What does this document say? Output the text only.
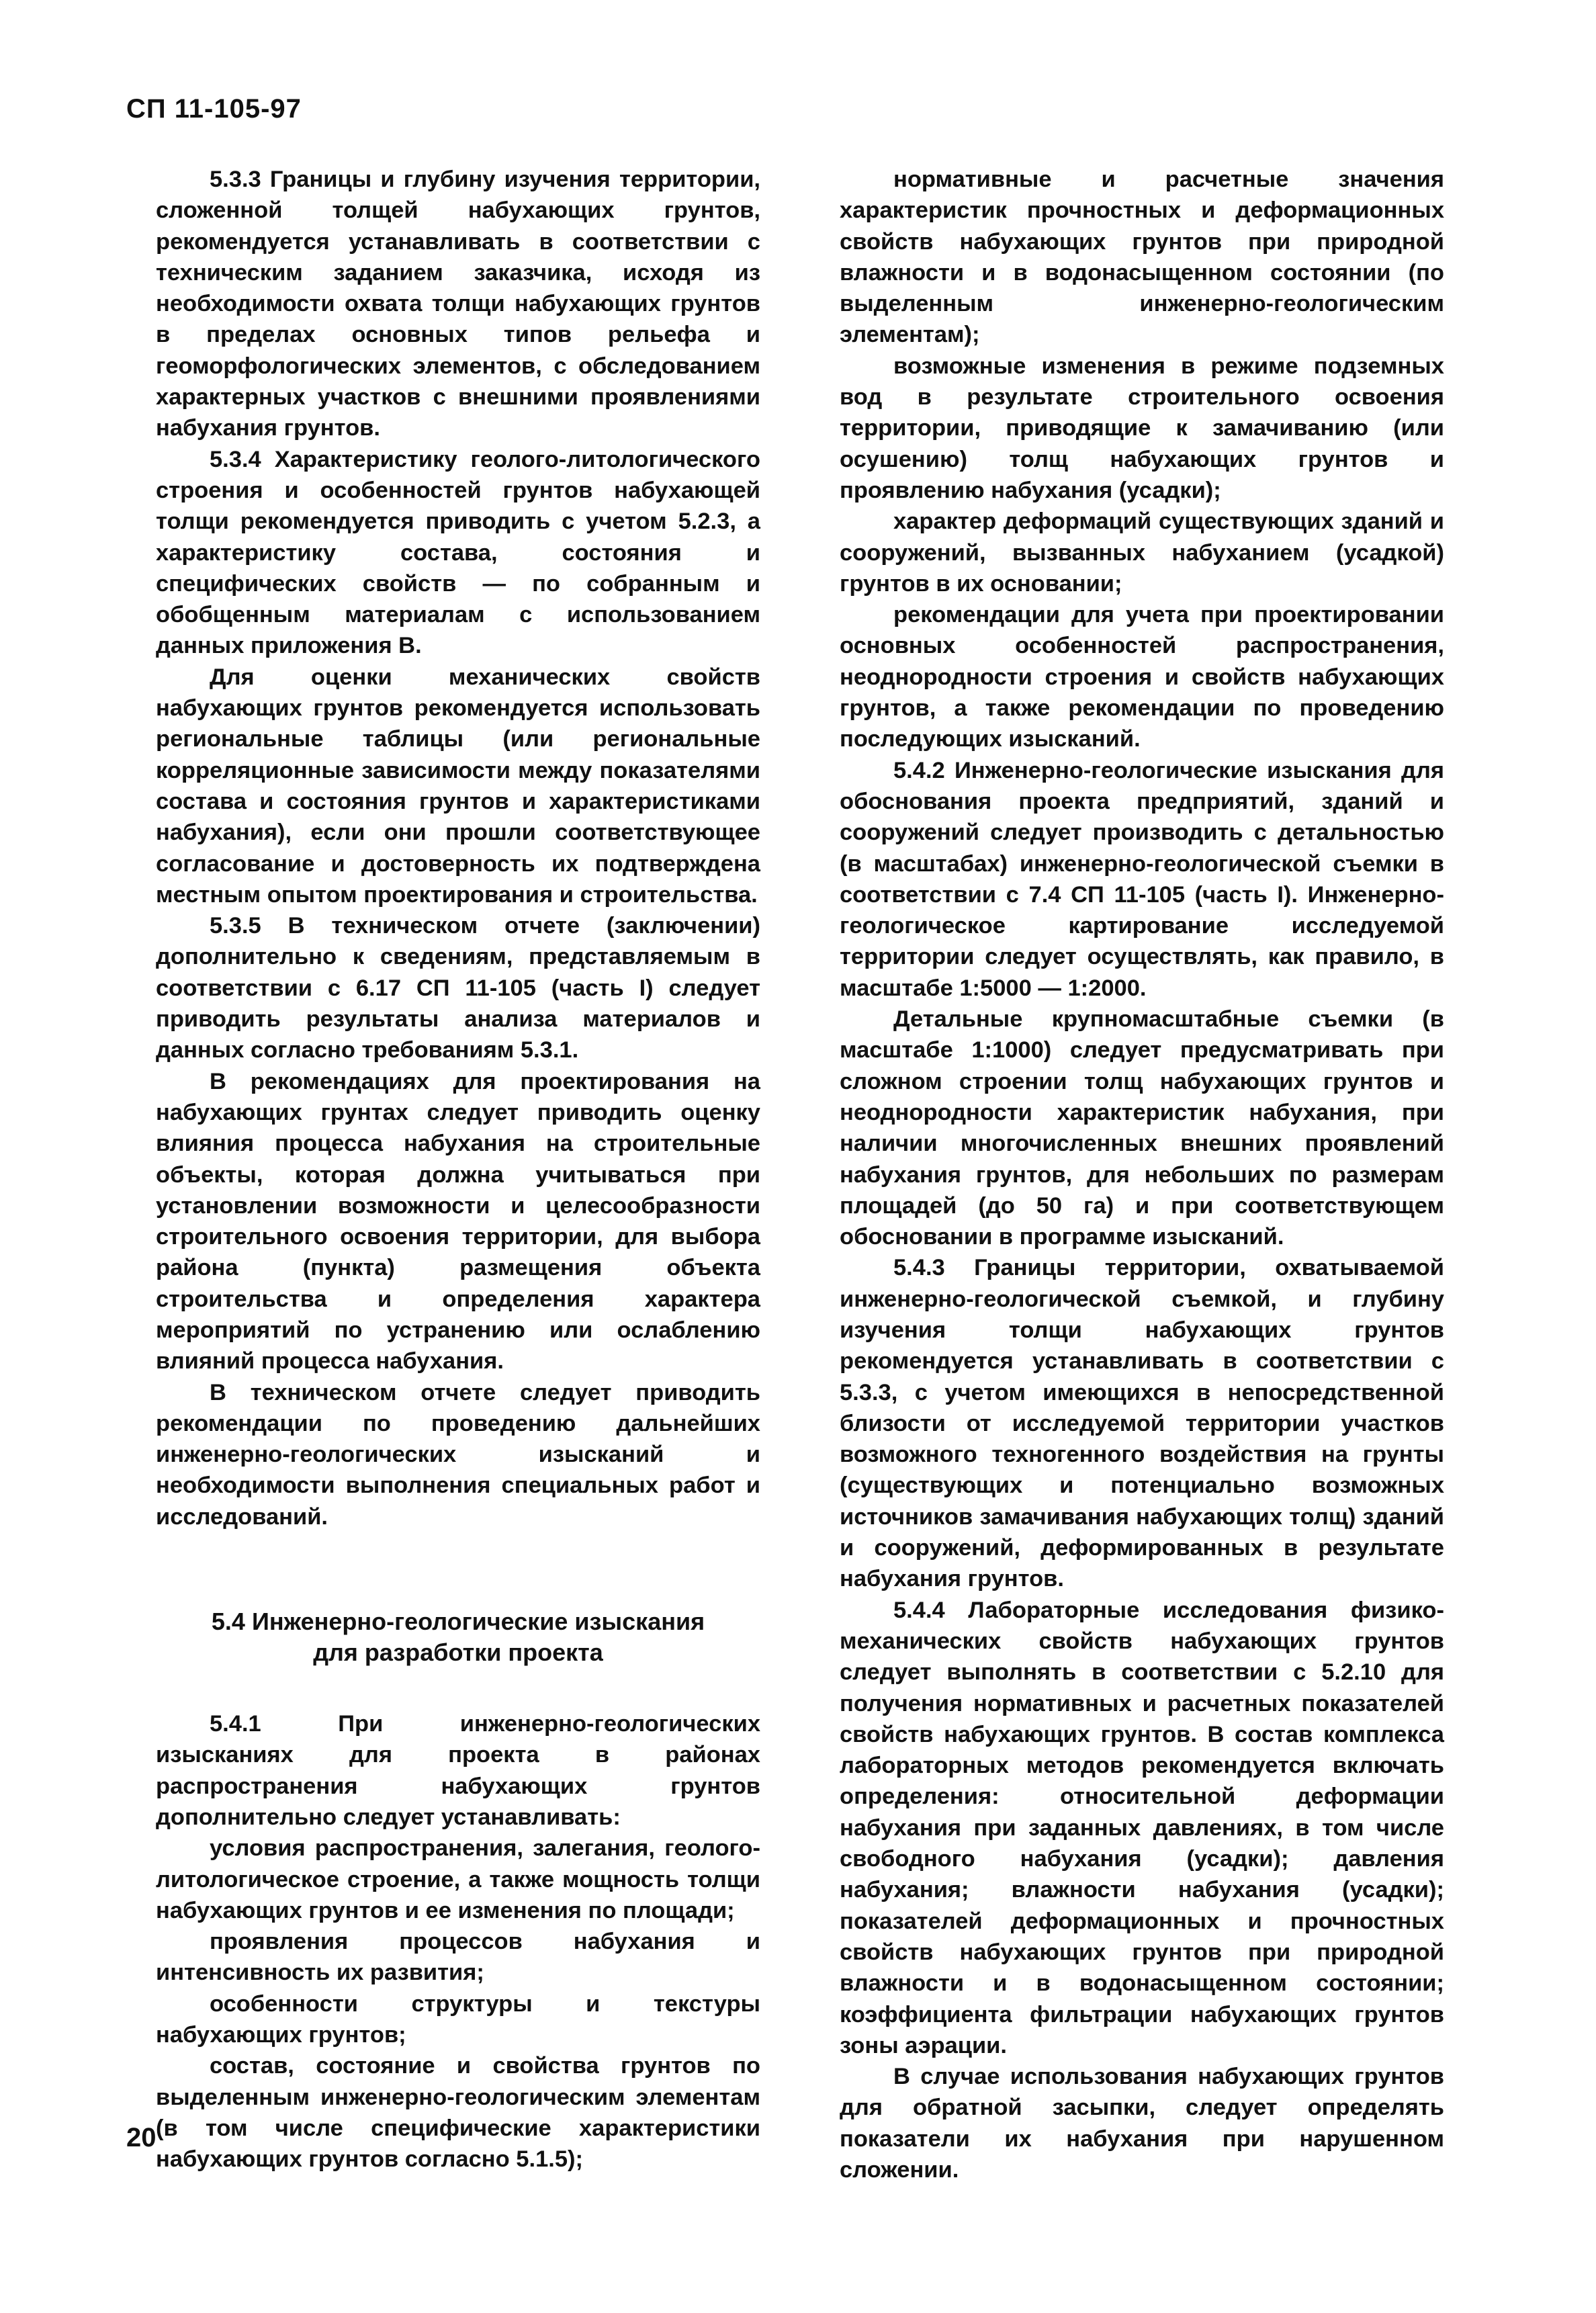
СП 11-105-97

5.3.3 Границы и глубину изучения территории, сложенной толщей набухающих грунтов, рекомендуется устанавливать в соответствии с техническим заданием заказчика, исходя из необходимости охвата толщи набухающих грунтов в пределах основных типов рельефа и геоморфологических элементов, с обследованием характерных участков с внешними проявлениями набухания грунтов.

5.3.4 Характеристику геолого-литологического строения и особенностей грунтов набухающей толщи рекомендуется приводить с учетом 5.2.3, а характеристику состава, состояния и специфических свойств — по собранным и обобщенным материалам с использованием данных приложения В.

Для оценки механических свойств набухающих грунтов рекомендуется использовать региональные таблицы (или региональные корреляционные зависимости между показателями состава и состояния грунтов и характеристиками набухания), если они прошли соответствующее согласование и достоверность их подтверждена местным опытом проектирования и строительства.

5.3.5 В техническом отчете (заключении) дополнительно к сведениям, представляемым в соответствии с 6.17 СП 11-105 (часть I) следует приводить результаты анализа материалов и данных согласно требованиям 5.3.1.

В рекомендациях для проектирования на набухающих грунтах следует приводить оценку влияния процесса набухания на строительные объекты, которая должна учитываться при установлении возможности и целесообразности строительного освоения территории, для выбора района (пункта) размещения объекта строительства и определения характера мероприятий по устранению или ослаблению влияний процесса набухания.

В техническом отчете следует приводить рекомендации по проведению дальнейших инженерно-геологических изысканий и необходимости выполнения специальных работ и исследований.

5.4 Инженерно-геологические изыскания
для разработки проекта

5.4.1 При инженерно-геологических изысканиях для проекта в районах распространения набухающих грунтов дополнительно следует устанавливать:

условия распространения, залегания, геолого-литологическое строение, а также мощность толщи набухающих грунтов и ее изменения по площади;

проявления процессов набухания и интенсивность их развития;

особенности структуры и текстуры набухающих грунтов;

состав, состояние и свойства грунтов по выделенным инженерно-геологическим элементам (в том числе специфические характеристики набухающих грунтов согласно 5.1.5);

нормативные и расчетные значения характеристик прочностных и деформационных свойств набухающих грунтов при природной влажности и в водонасыщенном состоянии (по выделенным инженерно-геологическим элементам);

возможные изменения в режиме подземных вод в результате строительного освоения территории, приводящие к замачиванию (или осушению) толщ набухающих грунтов и проявлению набухания (усадки);

характер деформаций существующих зданий и сооружений, вызванных набуханием (усадкой) грунтов в их основании;

рекомендации для учета при проектировании основных особенностей распространения, неоднородности строения и свойств набухающих грунтов, а также рекомендации по проведению последующих изысканий.

5.4.2 Инженерно-геологические изыскания для обоснования проекта предприятий, зданий и сооружений следует производить с детальностью (в масштабах) инженерно-геологической съемки в соответствии с 7.4 СП 11-105 (часть I). Инженерно-геологическое картирование исследуемой территории следует осуществлять, как правило, в масштабе 1:5000 — 1:2000.

Детальные крупномасштабные съемки (в масштабе 1:1000) следует предусматривать при сложном строении толщ набухающих грунтов и неоднородности характеристик набухания, при наличии многочисленных внешних проявлений набухания грунтов, для небольших по размерам площадей (до 50 га) и при соответствующем обосновании в программе изысканий.

5.4.3 Границы территории, охватываемой инженерно-геологической съемкой, и глубину изучения толщи набухающих грунтов рекомендуется устанавливать в соответствии с 5.3.3, с учетом имеющихся в непосредственной близости от исследуемой территории участков возможного техногенного воздействия на грунты (существующих и потенциально возможных источников замачивания набухающих толщ) зданий и сооружений, деформированных в результате набухания грунтов.

5.4.4 Лабораторные исследования физико-механических свойств набухающих грунтов следует выполнять в соответствии с 5.2.10 для получения нормативных и расчетных показателей свойств набухающих грунтов. В состав комплекса лабораторных методов рекомендуется включать определения: относительной деформации набухания при заданных давлениях, в том числе свободного набухания (усадки); давления набухания; влажности набухания (усадки); показателей деформационных и прочностных свойств набухающих грунтов при природной влажности и в водонасыщенном состоянии; коэффициента фильтрации набухающих грунтов зоны аэрации.

В случае использования набухающих грунтов для обратной засыпки, следует определять показатели их набухания при нарушенном сложении.

20
